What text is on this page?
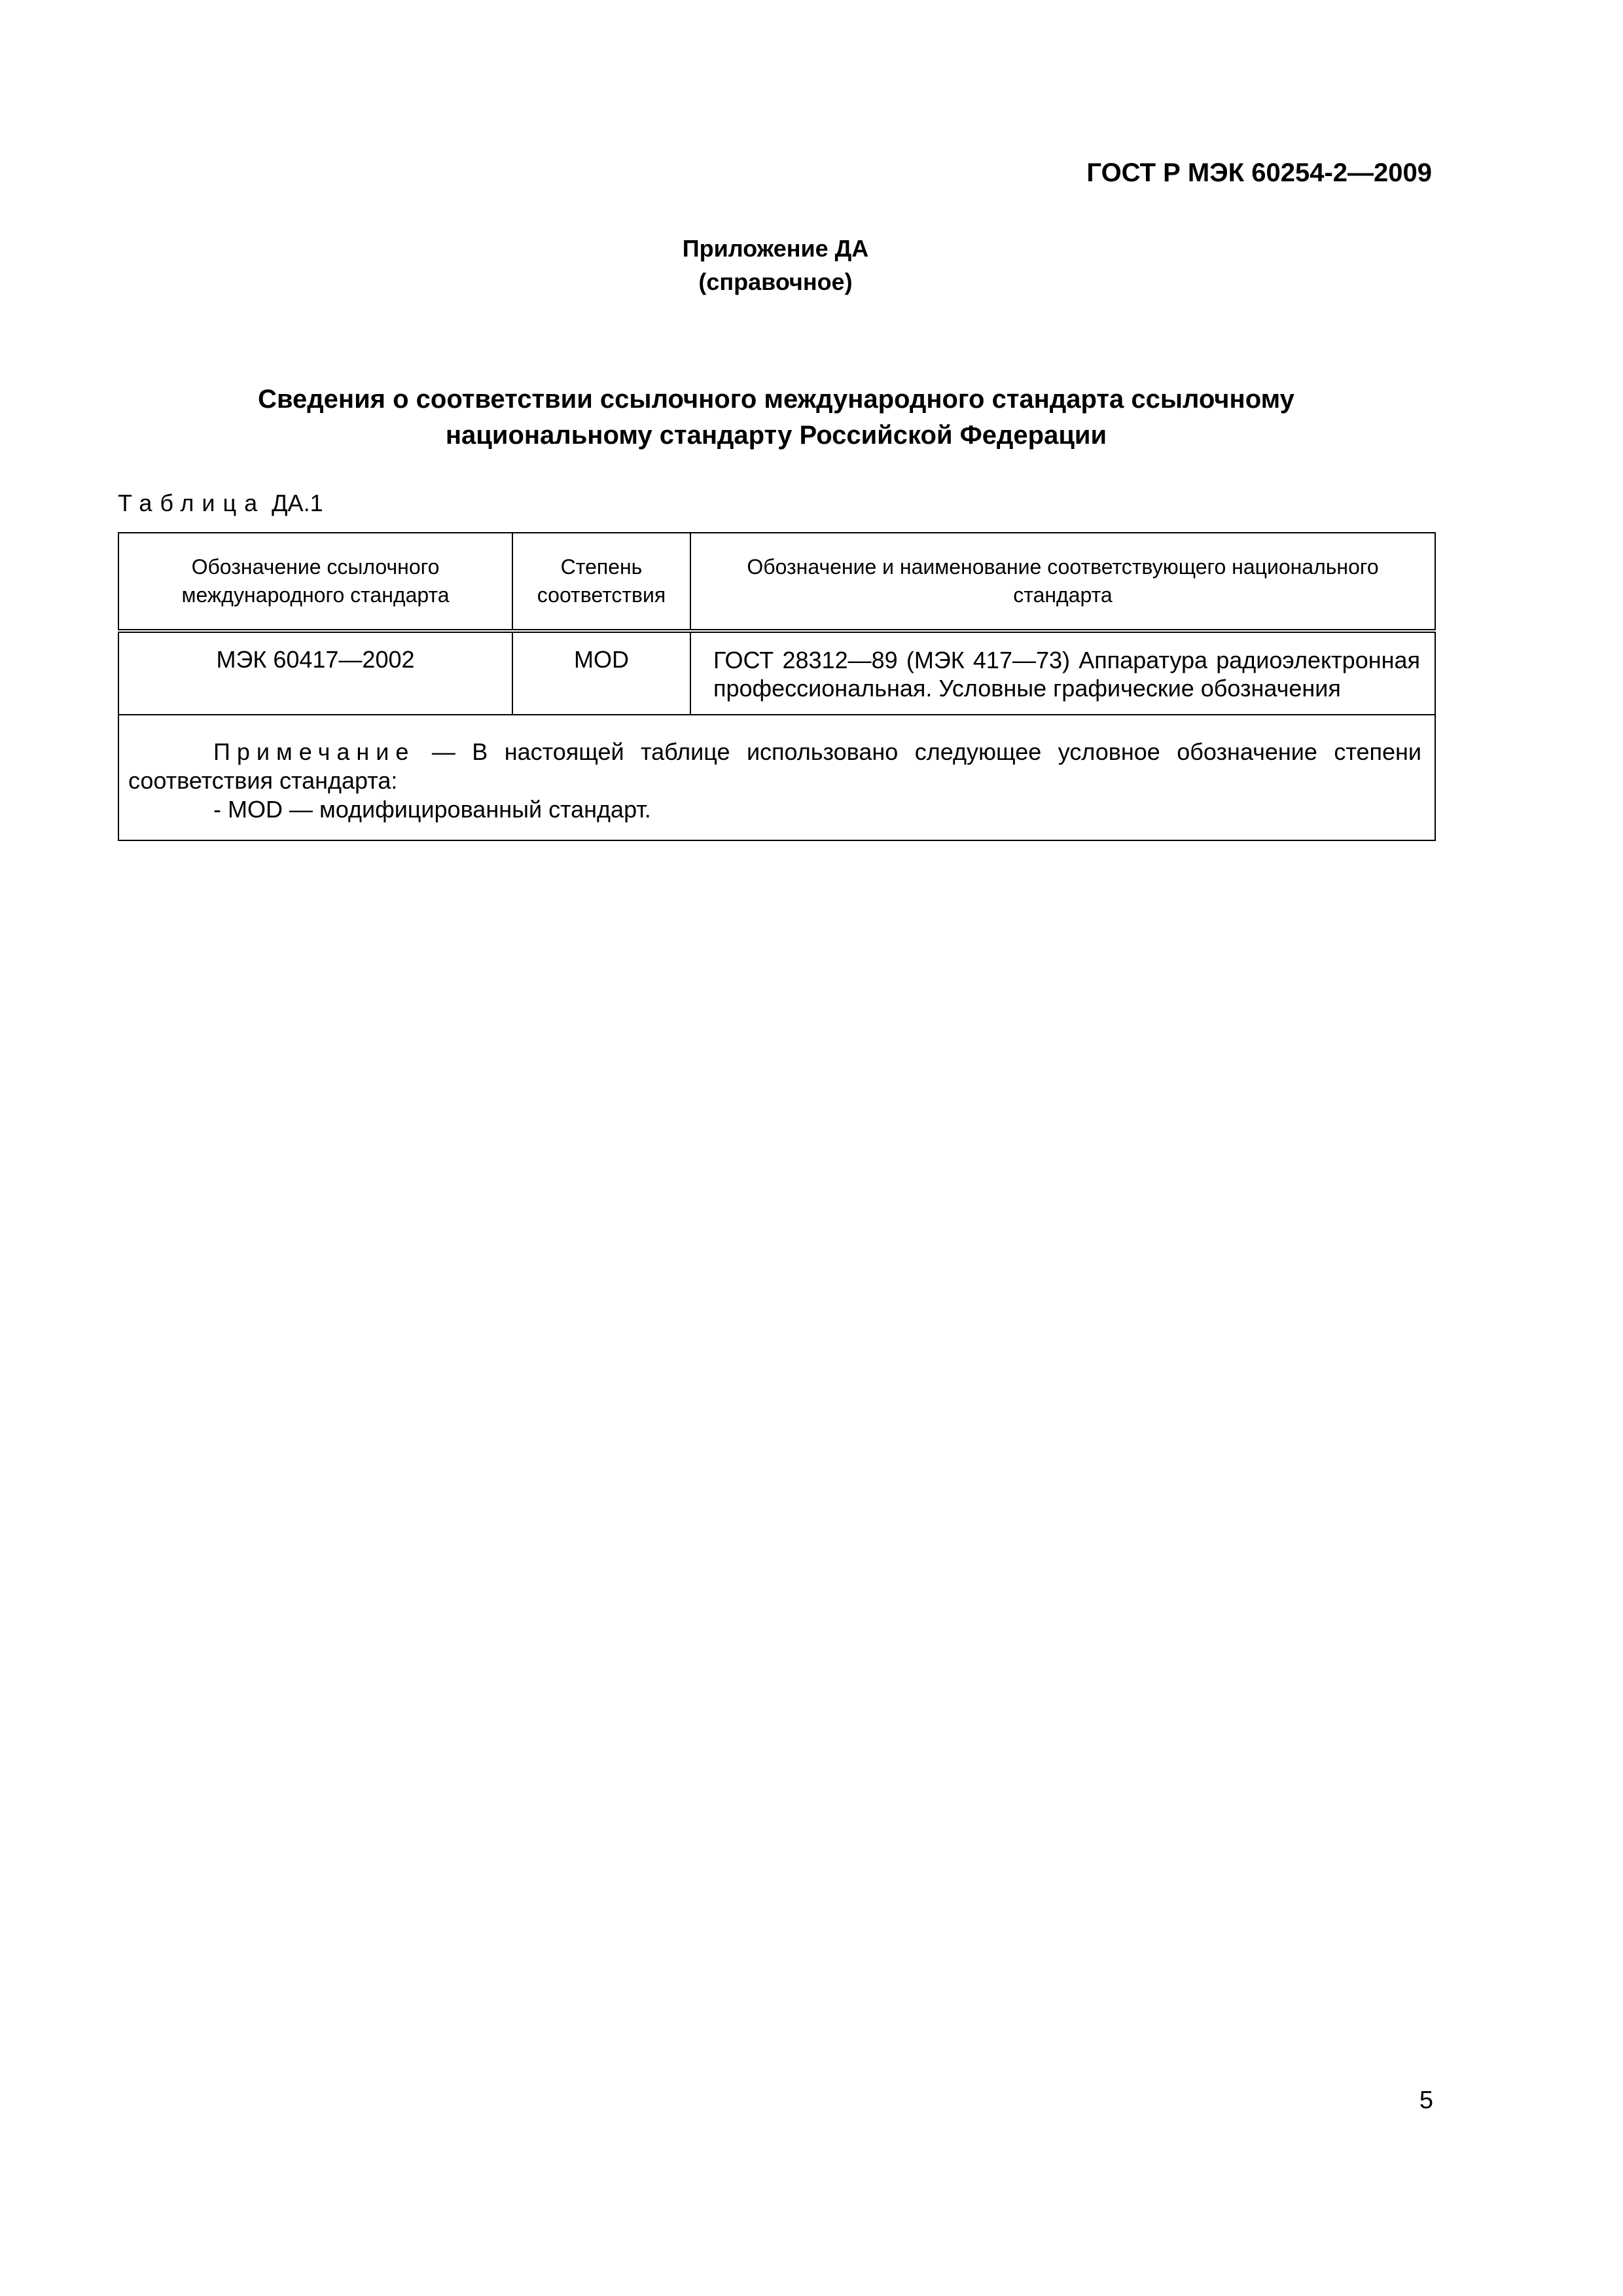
ГОСТ Р МЭК 60254-2—2009
Приложение ДА
(справочное)
Сведения о соответствии ссылочного международного стандарта ссылочному
национальному стандарту Российской Федерации
Таблица ДА.1
Обозначение ссылочного международного стандарта	Степень соответствия	Обозначение и наименование соответствующего национального стандарта
МЭК 60417—2002	MOD	ГОСТ 28312—89 (МЭК 417—73) Аппаратура радиоэлектронная профессиональная. Условные графические обозначения

Примечание — В настоящей таблице использовано следующее условное обозначение степени соответствия стандарта:
- MOD — модифицированный стандарт.		
5
